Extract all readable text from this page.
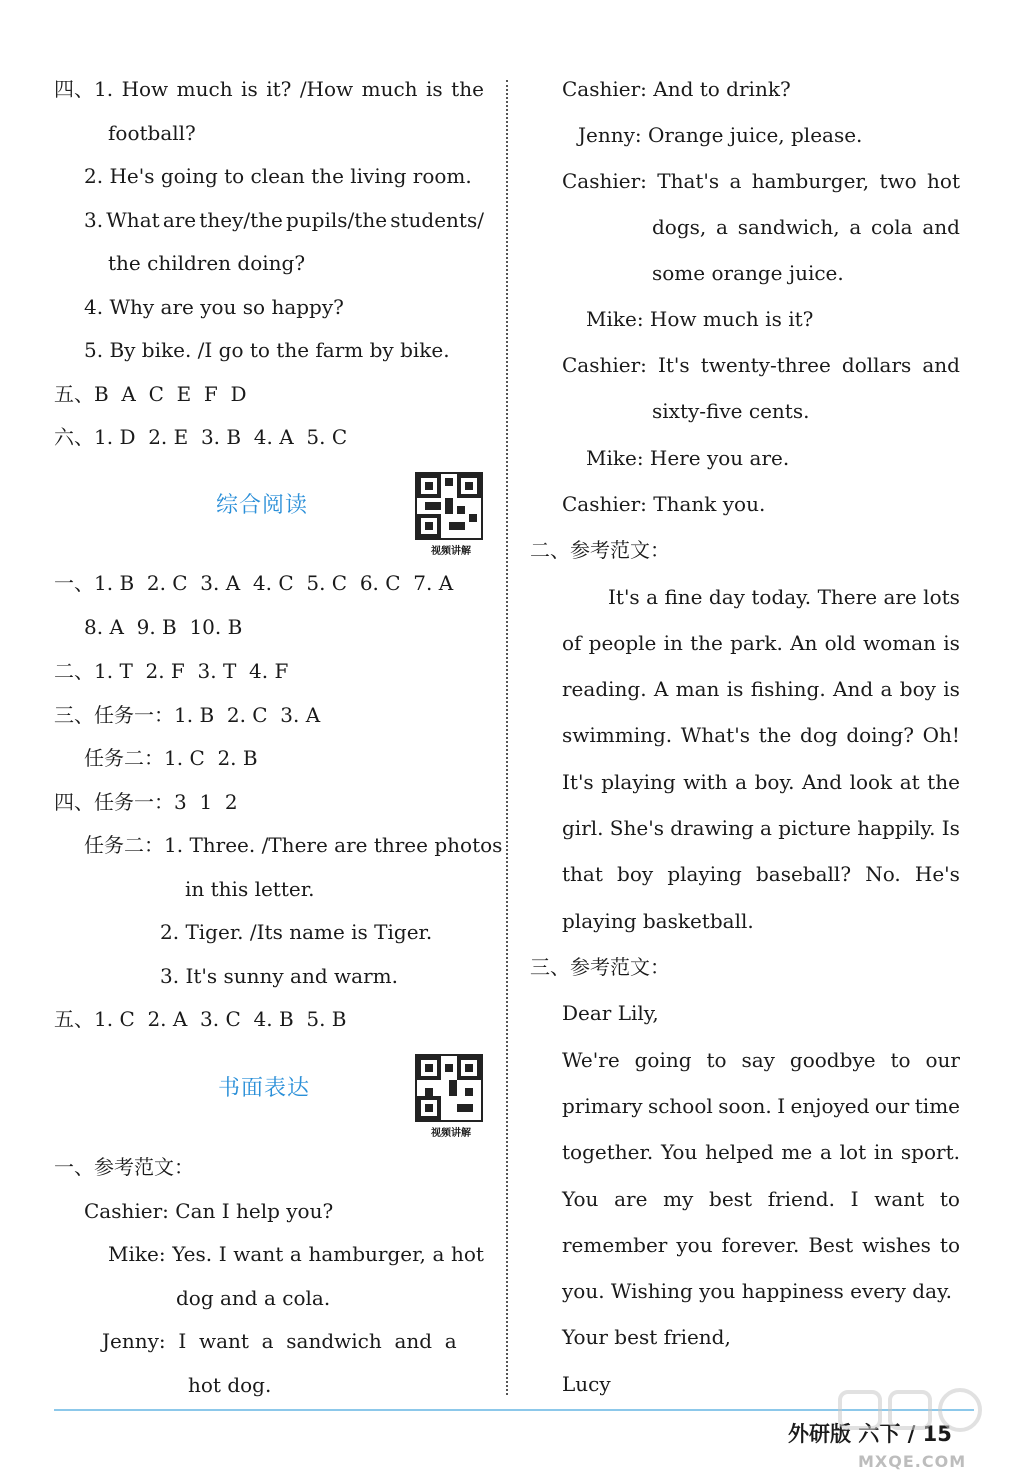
四、1. How much is it? /How much is the
football?
2. He's going to clean the living room.
3. What are they/the pupils/the students/
the children doing?
4. Why are you so happy?
5. By bike. /I go to the farm by bike.
五、B  A  C  E  F  D
六、1. D  2. E  3. B  4. A  5. C
综合阅读
视频讲解
一、1. B  2. C  3. A  4. C  5. C  6. C  7. A
8. A  9. B  10. B
二、1. T  2. F  3. T  4. F
三、任务一：1. B  2. C  3. A
任务二：1. C  2. B
四、任务一：3  1  2
任务二：1. Three. /There are three photos
in this letter.
2. Tiger. /Its name is Tiger.
3. It's sunny and warm.
五、1. C  2. A  3. C  4. B  5. B
书面表达
视频讲解
一、参考范文：
Cashier: Can I help you?
Mike: Yes. I want a hamburger, a hot
dog and a cola.
Jenny:  I  want  a  sandwich  and  a
hot dog.
Cashier: And to drink?
Jenny: Orange juice, please.
Cashier: That's a hamburger, two hot
dogs, a sandwich, a cola and
some orange juice.
Mike: How much is it?
Cashier: It's twenty-three dollars and
sixty-five cents.
Mike: Here you are.
Cashier: Thank you.
二、参考范文：
It's a fine day today. There are lots
of people in the park. An old woman is
reading. A man is fishing. And a boy is
swimming. What's the dog doing? Oh!
It's playing with a boy. And look at the
girl. She's drawing a picture happily. Is
that boy playing baseball? No. He's
playing basketball.
三、参考范文：
Dear Lily,
We're going to say goodbye to our
primary school soon. I enjoyed our time
together. You helped me a lot in sport.
You are my best friend. I want to
remember you forever. Best wishes to
you. Wishing you happiness every day.
Your best friend,
Lucy
外研版 六下 / 15
MXQE.COM
